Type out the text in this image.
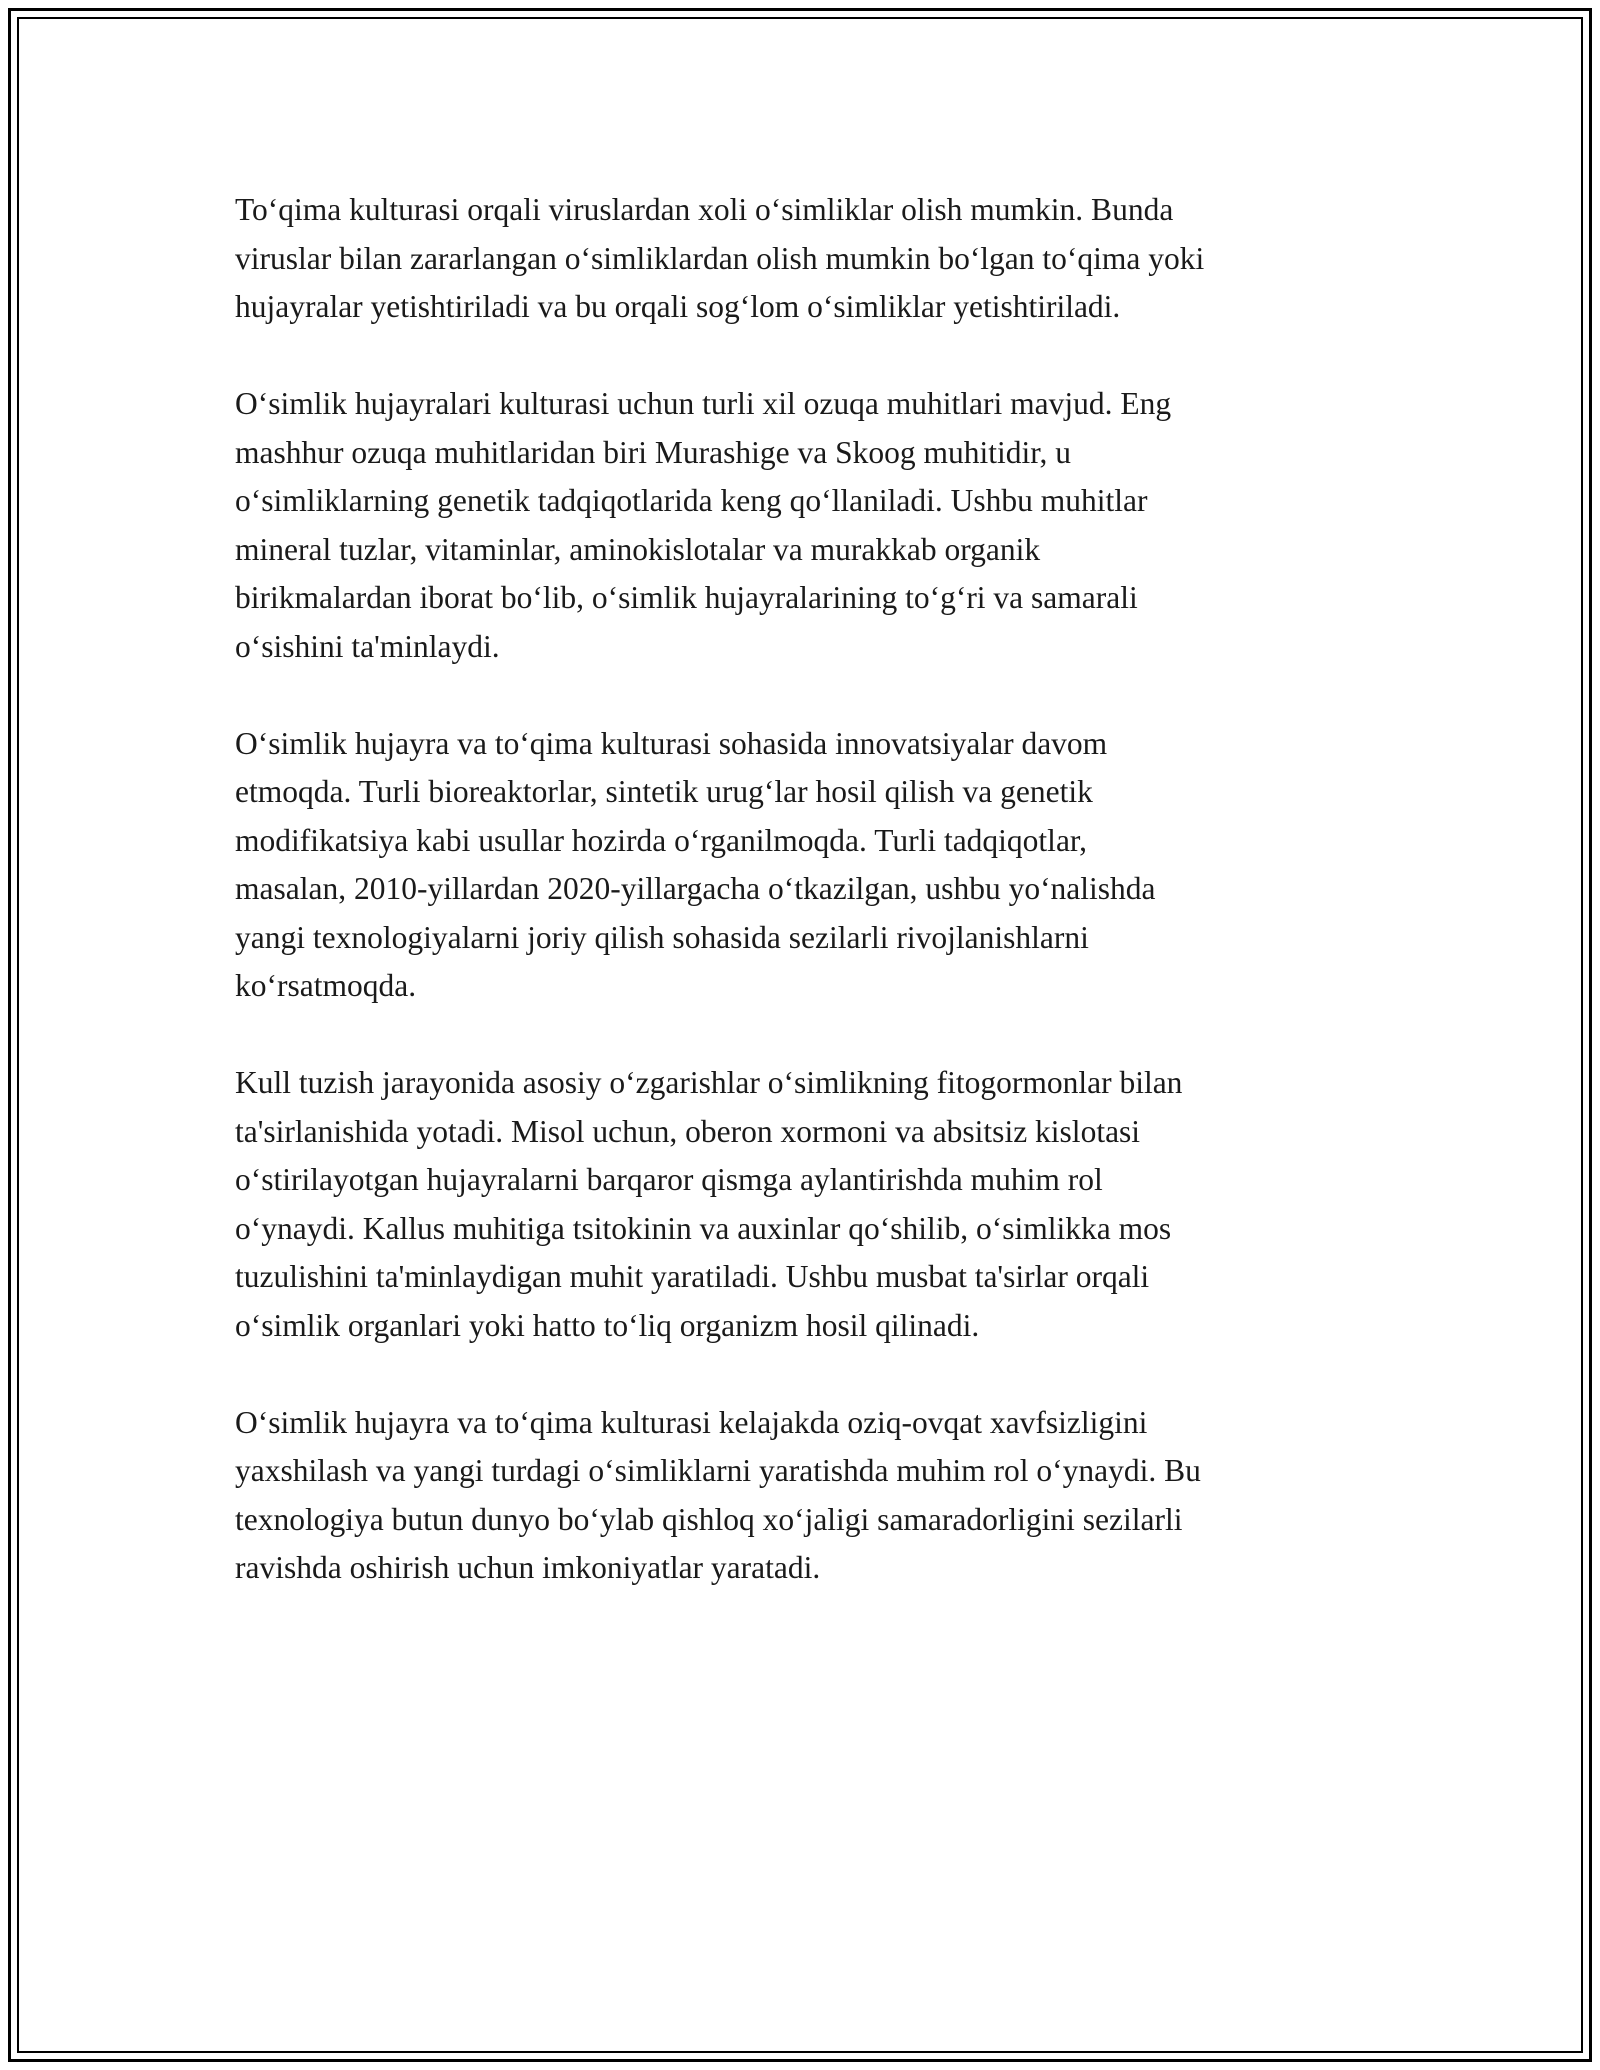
To‘qima kulturasi orqali viruslardan xoli o‘simliklar olish mumkin. Bunda
viruslar bilan zararlangan o‘simliklardan olish mumkin bo‘lgan to‘qima yoki
hujayralar yetishtiriladi va bu orqali sog‘lom o‘simliklar yetishtiriladi.

O‘simlik hujayralari kulturasi uchun turli xil ozuqa muhitlari mavjud. Eng
mashhur ozuqa muhitlaridan biri Murashige va Skoog muhitidir, u
o‘simliklarning genetik tadqiqotlarida keng qo‘llaniladi. Ushbu muhitlar
mineral tuzlar, vitaminlar, aminokislotalar va murakkab organik
birikmalardan iborat bo‘lib, o‘simlik hujayralarining to‘g‘ri va samarali
o‘sishini ta'minlaydi.

O‘simlik hujayra va to‘qima kulturasi sohasida innovatsiyalar davom
etmoqda. Turli bioreaktorlar, sintetik urug‘lar hosil qilish va genetik
modifikatsiya kabi usullar hozirda o‘rganilmoqda. Turli tadqiqotlar,
masalan, 2010-yillardan 2020-yillargacha o‘tkazilgan, ushbu yo‘nalishda
yangi texnologiyalarni joriy qilish sohasida sezilarli rivojlanishlarni
ko‘rsatmoqda.

Kull tuzish jarayonida asosiy o‘zgarishlar o‘simlikning fitogormonlar bilan
ta'sirlanishida yotadi. Misol uchun, oberon xormoni va absitsiz kislotasi
o‘stirilayotgan hujayralarni barqaror qismga aylantirishda muhim rol
o‘ynaydi. Kallus muhitiga tsitokinin va auxinlar qo‘shilib, o‘simlikka mos
tuzulishini ta'minlaydigan muhit yaratiladi. Ushbu musbat ta'sirlar orqali
o‘simlik organlari yoki hatto to‘liq organizm hosil qilinadi.

O‘simlik hujayra va to‘qima kulturasi kelajakda oziq-ovqat xavfsizligini
yaxshilash va yangi turdagi o‘simliklarni yaratishda muhim rol o‘ynaydi. Bu
texnologiya butun dunyo bo‘ylab qishloq xo‘jaligi samaradorligini sezilarli
ravishda oshirish uchun imkoniyatlar yaratadi.
